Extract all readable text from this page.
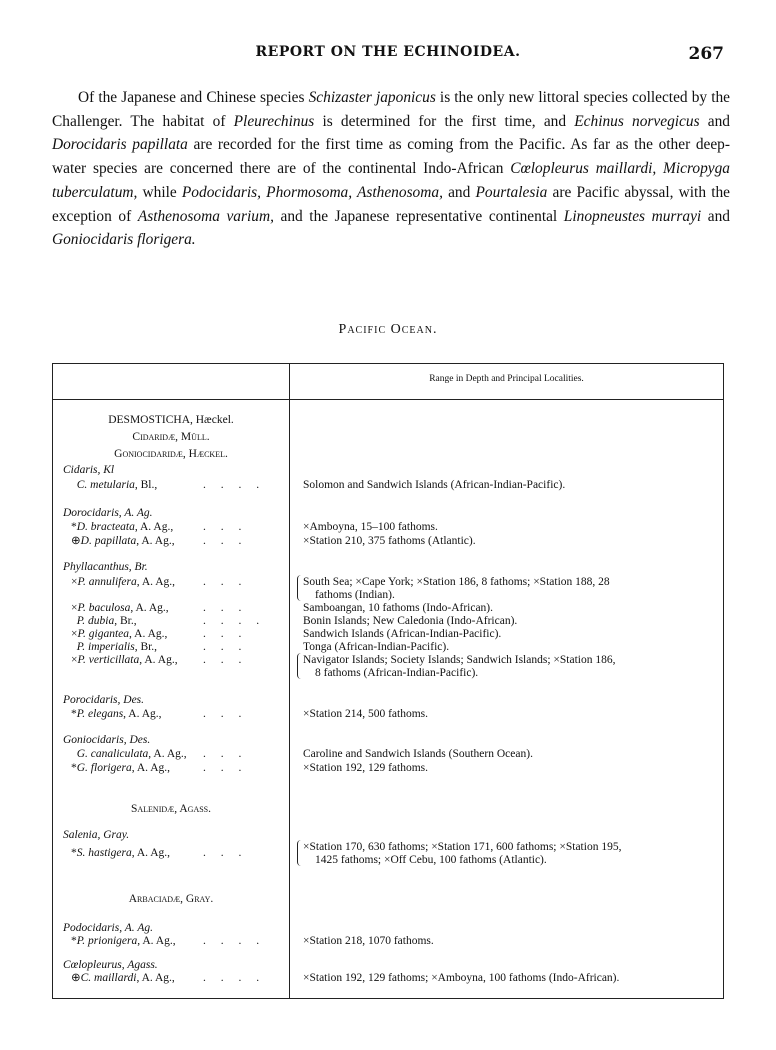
REPORT ON THE ECHINOIDEA.	267

Of the Japanese and Chinese species Schizaster japonicus is the only new littoral species collected by the Challenger. The habitat of Pleurechinus is determined for the first time, and Echinus norvegicus and Dorocidaris papillata are recorded for the first time as coming from the Pacific. As far as the other deep-water species are concerned there are of the continental Indo-African Cœlopleurus maillardi, Micropyga tuberculatum, while Podocidaris, Phormosoma, Asthenosoma, and Pourtalesia are Pacific abyssal, with the exception of Asthenosoma varium, and the Japanese representative continental Linopneustes murrayi and Goniocidaris florigera.

Pacific Ocean.
Range in Depth and Principal Localities.
DESMOSTICHA, Hæckel.
Cidaridæ, Müll.
Goniocidaridæ, Hæckel.
Cidaris, Kl
C. metularia, Bl.,	. . . .	Solomon and Sandwich Islands (African-Indian-Pacific).
Dorocidaris, A. Ag.
*D. bracteata, A. Ag.,	. . .	×Amboyna, 15–100 fathoms.
⊕D. papillata, A. Ag., . . .	×Station 210, 375 fathoms (Atlantic).
Phyllacanthus, Br.
×P. annulifera, A. Ag., . . .	South Sea; ×Cape York; ×Station 186, 8 fathoms; ×Station 188, 28
fathoms (Indian).
×P. baculosa, A. Ag.,	. . .	Samboangan, 10 fathoms (Indo-African).
P. dubia, Br.,	. . . .	Bonin Islands; New Caledonia (Indo-African).
×P. gigantea, A. Ag.,	. . .	Sandwich Islands (African-Indian-Pacific).
P. imperialis, Br.,	. . .	Tonga (African-Indian-Pacific).
×P. verticillata, A. Ag., . . .	Navigator Islands; Society Islands; Sandwich Islands; ×Station 186,
8 fathoms (African-Indian-Pacific).
Porocidaris, Des.
*P. elegans, A. Ag.,	. . .	×Station 214, 500 fathoms.
Goniocidaris, Des.
G. canaliculata, A. Ag., . . .	Caroline and Sandwich Islands (Southern Ocean).
*G. florigera, A. Ag.,	. . .	×Station 192, 129 fathoms.
Salenidæ, Agass.
Salenia, Gray.
*S. hastigera, A. Ag.,	. . .	×Station 170, 630 fathoms; ×Station 171, 600 fathoms; ×Station 195,
1425 fathoms; ×Off Cebu, 100 fathoms (Atlantic).
Arbaciadæ, Gray.
Podocidaris, A. Ag.
*P. prionigera, A. Ag., . . . .	×Station 218, 1070 fathoms.
Cœlopleurus, Agass.
⊕C. maillardi, A. Ag., . . . .	×Station 192, 129 fathoms; ×Amboyna, 100 fathoms (Indo-African).
